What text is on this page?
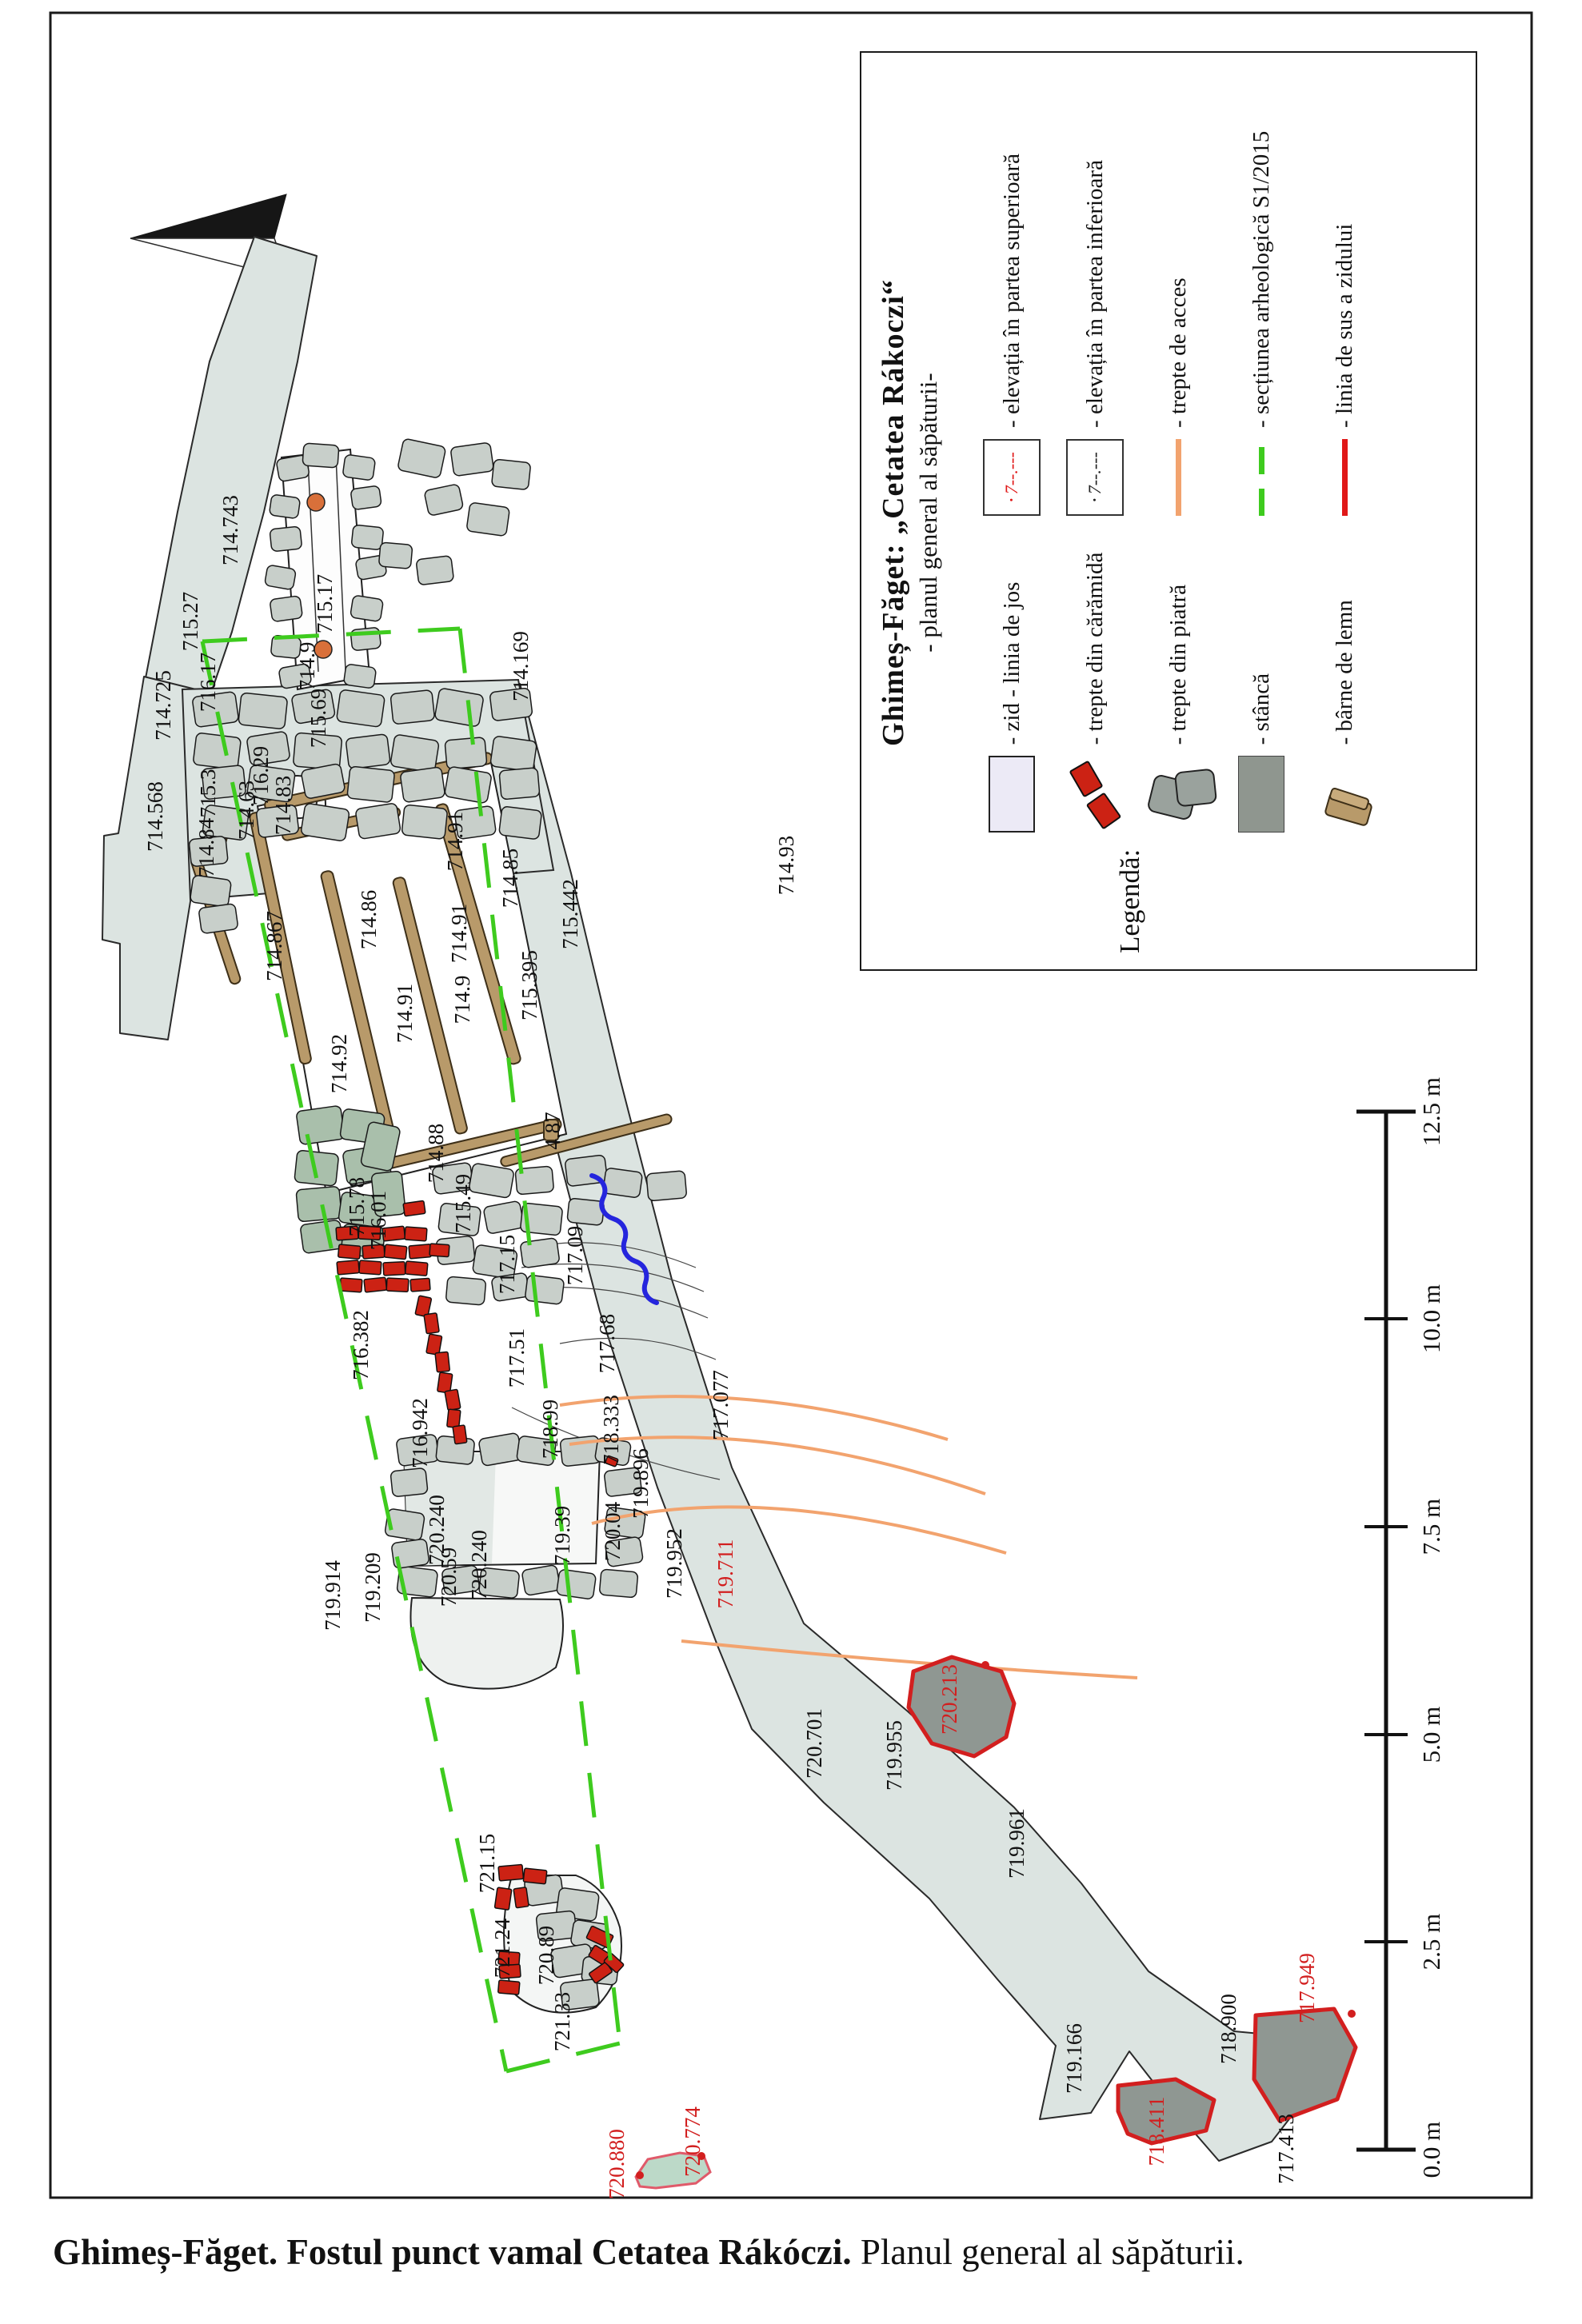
0.0 m
2.5 m
5.0 m
7.5 m
10.0 m
12.5 m
714.743
715.27	715.17
714.9	714.169
716.17
714.725	715.69
716.29
715.3 714.83
714.63
714.568 714.84	714.91	714.93
714.85
715.442
714.86	714.91
714.867
715.395
714.9
714.91
714.92
714.88	4.87
715.78
716.01	715.49
717.15 717.09
716.382	717.51	717.68
716.942	718.99 718.333
719.896
717.077
720.240
720.240
720.59
719.39 720.04
719.914 719.209	719.952
720.701	719.955
719.961
719.166	718.900
717.413
721.15
721.24 720.89
721.33
720.213
719.711
718.411
717.949
720.880 720.774
Ghimeș-Făget: „Cetatea Rákoczi“ - planul general al săpăturii-
Legendă:
- zid - linia de jos - trepte din cărămidă - trepte din piatră - stâncă - bârne de lemn
·
7--.---
- elevația în partea superioară
·
7--.---
- elevația în partea inferioară - trepte de acces - secțiunea arheologică S1/2015 - linia de sus a zidului
Ghimeș-Făget. Fostul punct vamal Cetatea Rákóczi. Planul general al săpăturii.
